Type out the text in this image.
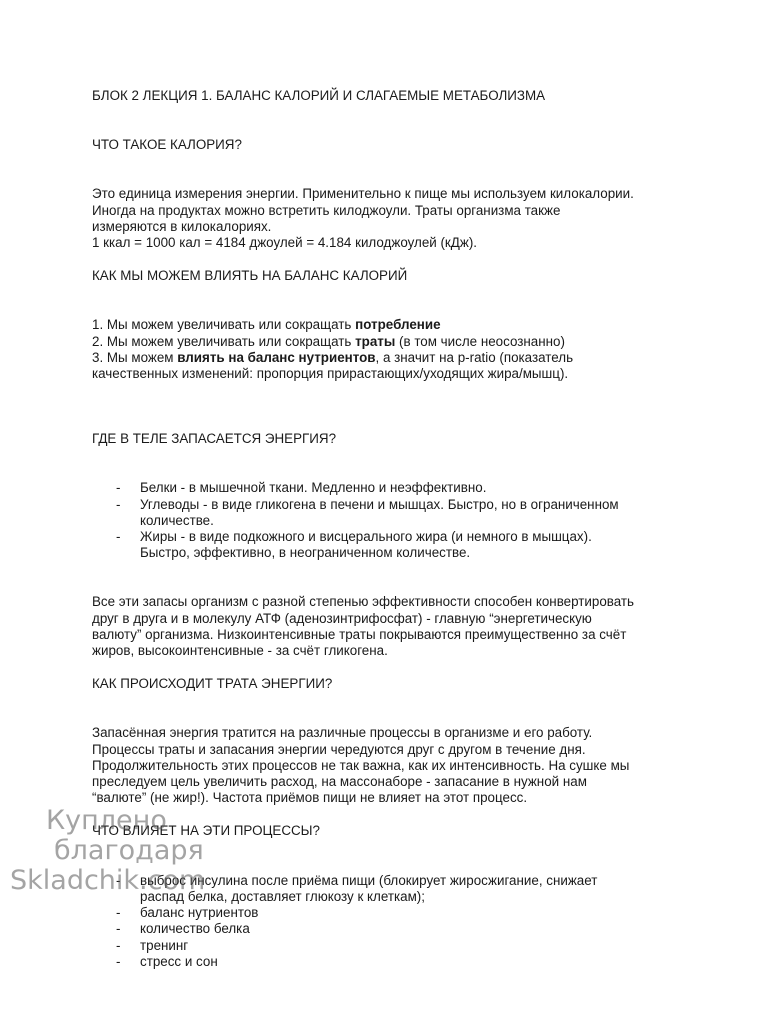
БЛОК 2 ЛЕКЦИЯ 1. БАЛАНС КАЛОРИЙ И СЛАГАЕМЫЕ МЕТАБОЛИЗМА
ЧТО ТАКОЕ КАЛОРИЯ?

Это единица измерения энергии. Применительно к пище мы используем килокалории.
Иногда на продуктах можно встретить килоджоули. Траты организма также
измеряются в килокалориях.
1 ккал = 1000 кал = 4184 джоулей = 4.184 килоджоулей (кДж).

КАК МЫ МОЖЕМ ВЛИЯТЬ НА БАЛАНС КАЛОРИЙ

1. Мы можем увеличивать или сокращать потребление
2. Мы можем увеличивать или сокращать траты (в том числе неосознанно)
3. Мы можем влиять на баланс нутриентов, а значит на p-ratio (показатель
качественных изменений: пропорция прирастающих/уходящих жира/мышц).

ГДЕ В ТЕЛЕ ЗАПАСАЕТСЯ ЭНЕРГИЯ?
- Белки - в мышечной ткани. Медленно и неэффективно.
- Углеводы - в виде гликогена в печени и мышцах. Быстро, но в ограниченном
количестве.
- Жиры - в виде подкожного и висцерального жира (и немного в мышцах).
Быстро, эффективно, в неограниченном количестве.

Все эти запасы организм с разной степенью эффективности способен конвертировать
друг в друга и в молекулу АТФ (аденозинтрифосфат) - главную “энергетическую
валюту” организма. Низкоинтенсивные траты покрываются преимущественно за счёт
жиров, высокоинтенсивные - за счёт гликогена.

КАК ПРОИСХОДИТ ТРАТА ЭНЕРГИИ?

Запасённая энергия тратится на различные процессы в организме и его работу.
Процессы траты и запасания энергии чередуются друг с другом в течение дня.
Продолжительность этих процессов не так важна, как их интенсивность. На сушке мы
преследуем цель увеличить расход, на массонаборе - запасание в нужной нам
“валюте” (не жир!). Частота приёмов пищи не влияет на этот процесс.

ЧТО ВЛИЯЕТ НА ЭТИ ПРОЦЕССЫ?
- выброс инсулина после приёма пищи (блокирует жиросжигание, снижает
распад белка, доставляет глюкозу к клеткам);
- баланс нутриентов
- количество белка
- тренинг
- стресс и сон
Куплено
благодаря
Skladchik.com
